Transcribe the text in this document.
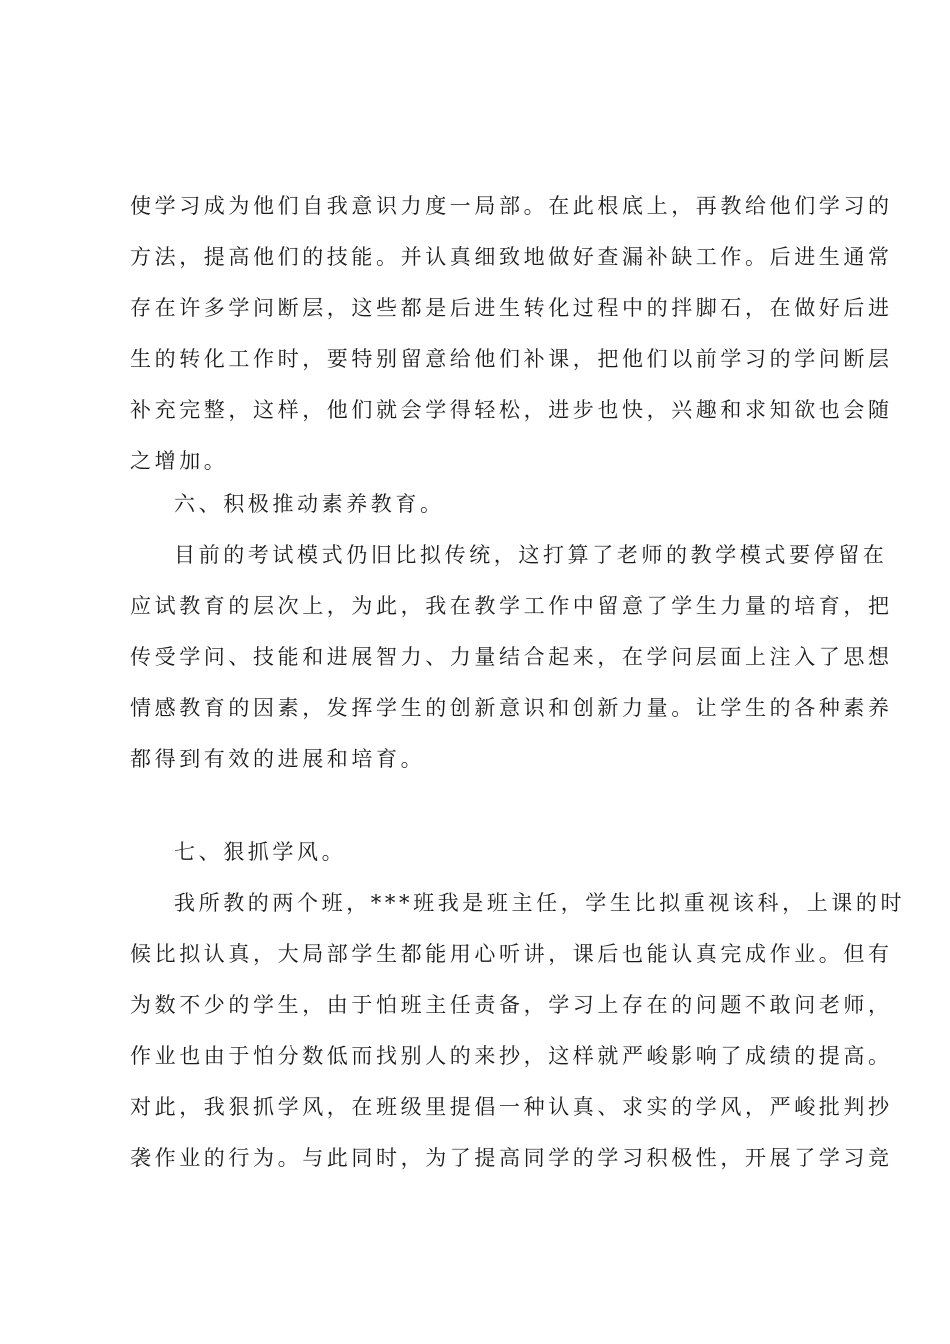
使学习成为他们自我意识力度一局部。在此根底上，再教给他们学习的
方法，提高他们的技能。并认真细致地做好查漏补缺工作。后进生通常
存在许多学问断层，这些都是后进生转化过程中的拌脚石，在做好后进
生的转化工作时，要特别留意给他们补课，把他们以前学习的学问断层
补充完整，这样，他们就会学得轻松，进步也快，兴趣和求知欲也会随
之增加。
六、积极推动素养教育。
目前的考试模式仍旧比拟传统，这打算了老师的教学模式要停留在
应试教育的层次上，为此，我在教学工作中留意了学生力量的培育，把
传受学问、技能和进展智力、力量结合起来，在学问层面上注入了思想
情感教育的因素，发挥学生的创新意识和创新力量。让学生的各种素养
都得到有效的进展和培育。
七、狠抓学风。
我所教的两个班，***班我是班主任，学生比拟重视该科，上课的时
候比拟认真，大局部学生都能用心听讲，课后也能认真完成作业。但有
为数不少的学生，由于怕班主任责备，学习上存在的问题不敢问老师，
作业也由于怕分数低而找别人的来抄，这样就严峻影响了成绩的提高。
对此，我狠抓学风，在班级里提倡一种认真、求实的学风，严峻批判抄
袭作业的行为。与此同时，为了提高同学的学习积极性，开展了学习竞
